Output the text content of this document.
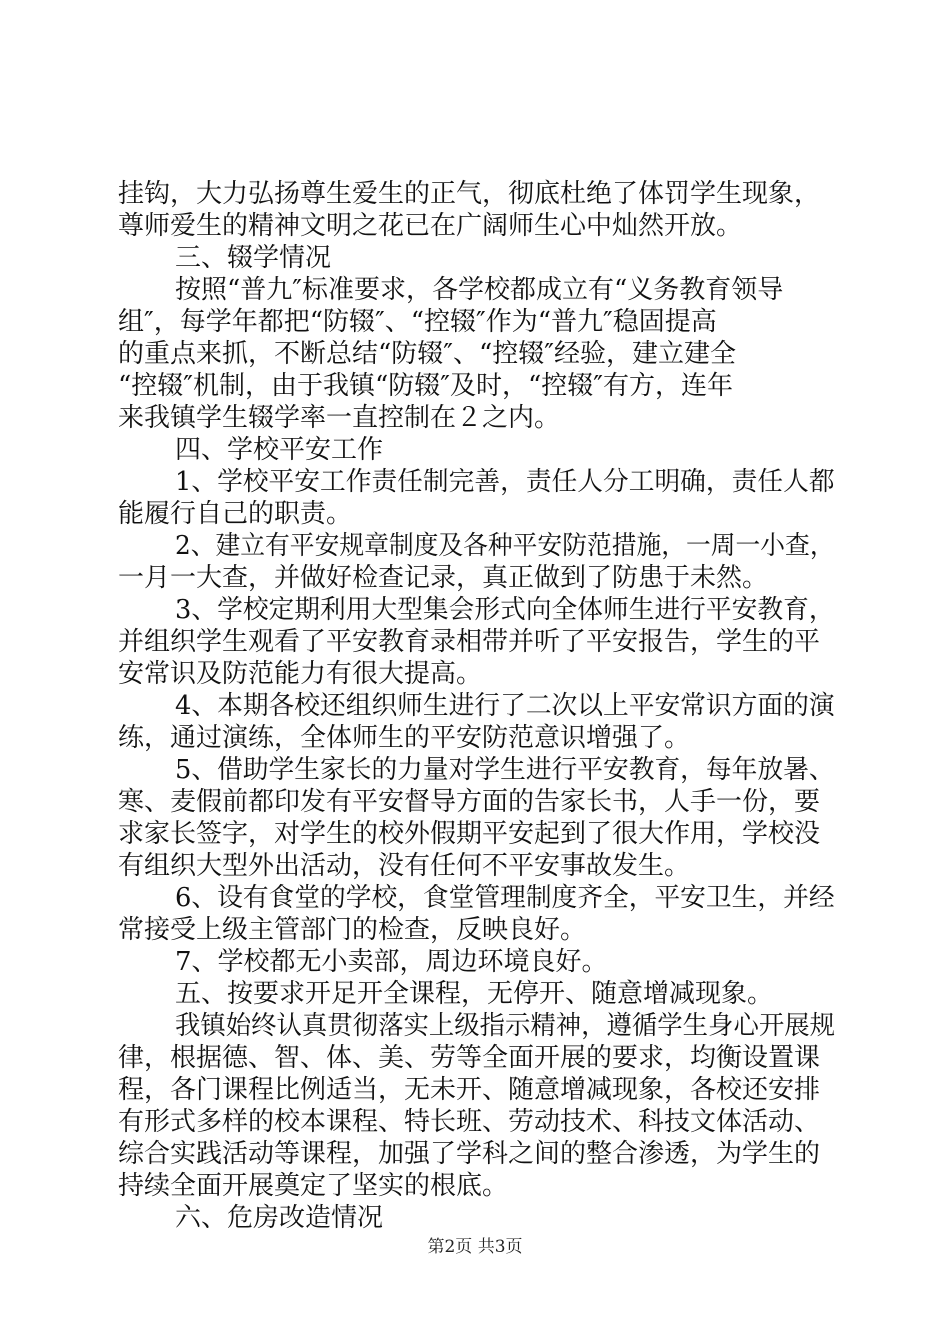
挂钩，大力弘扬尊生爱生的正气，彻底杜绝了体罚学生现象，
尊师爱生的精神文明之花已在广阔师生心中灿然开放。
三、辍学情况
按照“普九″标准要求，各学校都成立有“义务教育领导
组″，每学年都把“防辍″、“控辍″作为“普九″稳固提高
的重点来抓，不断总结“防辍″、“控辍″经验，建立建全
“控辍″机制，由于我镇“防辍″及时，“控辍″有方，连年
来我镇学生辍学率一直控制在２之内。
四、学校平安工作
1、学校平安工作责任制完善，责任人分工明确，责任人都
能履行自己的职责。
2、建立有平安规章制度及各种平安防范措施，一周一小查，
一月一大查，并做好检查记录，真正做到了防患于未然。
3、学校定期利用大型集会形式向全体师生进行平安教育，
并组织学生观看了平安教育录相带并听了平安报告，学生的平
安常识及防范能力有很大提高。
4、本期各校还组织师生进行了二次以上平安常识方面的演
练，通过演练，全体师生的平安防范意识增强了。
5、借助学生家长的力量对学生进行平安教育，每年放暑、
寒、麦假前都印发有平安督导方面的告家长书，人手一份，要
求家长签字，对学生的校外假期平安起到了很大作用，学校没
有组织大型外出活动，没有任何不平安事故发生。
6、设有食堂的学校，食堂管理制度齐全，平安卫生，并经
常接受上级主管部门的检查，反映良好。
7、学校都无小卖部，周边环境良好。
五、按要求开足开全课程，无停开、随意增减现象。
我镇始终认真贯彻落实上级指示精神，遵循学生身心开展规
律，根据德、智、体、美、劳等全面开展的要求，均衡设置课
程，各门课程比例适当，无未开、随意增减现象，各校还安排
有形式多样的校本课程、特长班、劳动技术、科技文体活动、
综合实践活动等课程，加强了学科之间的整合渗透，为学生的
持续全面开展奠定了坚实的根底。
六、危房改造情况
第2页 共3页
